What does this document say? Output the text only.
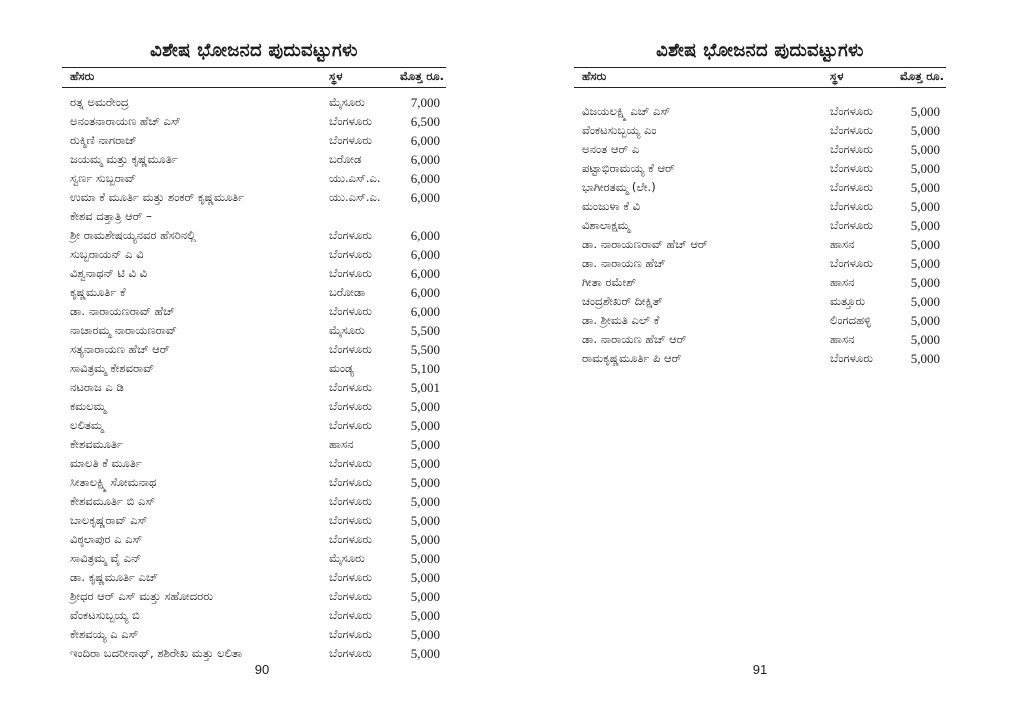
ವಿಶೇಷ ಭೋಜನದ ಪುದುವಟ್ಟುಗಳು
ಹೆಸರು	ಸ್ಥಳ	ಮೊತ್ತ ರೂ.
ರತ್ನ ಅಮರೇಂದ್ರ	ಮೈಸೂರು	7,000
ಅನಂತನಾರಾಯಣ ಹೆಚ್ ಎಸ್	ಬೆಂಗಳೂರು	6,500
ರುಕ್ಮಿಣಿ ನಾಗರಾಜ್	ಬೆಂಗಳೂರು	6,000
ಜಯಮ್ಮ ಮತ್ತು ಕೃಷ್ಣಮೂರ್ತಿ	ಬರೋಡ	6,000
ಸ್ವರ್ಣ ಸುಬ್ಬರಾವ್	ಯು.ಎಸ್.ಎ. 6,000
ಉಮಾ ಕೆ ಮೂರ್ತಿ ಮತ್ತು ಶಂಕರ್ ಕೃಷ್ಣಮೂರ್ತಿ	ಯು.ಎಸ್.ಎ. 6,000
ಕೇಶವ ದತ್ತಾತ್ರಿ ಆರ್ –
ಶ್ರೀ ರಾಮಶೇಷಯ್ಯನವರ ಹೆಸರಿನಲ್ಲಿ	ಬೆಂಗಳೂರು	6,000
ಸುಬ್ಬರಾಯನ್ ಎ ವಿ	ಬೆಂಗಳೂರು	6,000
ವಿಶ್ವನಾಥನ್ ಟಿ ವಿ ವಿ	ಬೆಂಗಳೂರು	6,000
ಕೃಷ್ಣಮೂರ್ತಿ ಕೆ	ಬರೋಡಾ	6,000
ಡಾ. ನಾರಾಯಣರಾವ್ ಹೆಚ್	ಬೆಂಗಳೂರು	6,000
ನಾಚಾರಮ್ಮ ನಾರಾಯಣರಾವ್	ಮೈಸೂರು	5,500
ಸತ್ಯನಾರಾಯಣ ಹೆಚ್ ಆರ್	ಬೆಂಗಳೂರು	5,500
ಸಾವಿತ್ರಮ್ಮ ಕೇಶವರಾವ್	ಮಂಡ್ಯ	5,100
ನಟರಾಜ ಎ ಡಿ	ಬೆಂಗಳೂರು	5,001
ಕಮಲಮ್ಮ	ಬೆಂಗಳೂರು	5,000
ಲಲಿತಮ್ಮ	ಬೆಂಗಳೂರು	5,000
ಕೇಶವಮೂರ್ತಿ	ಹಾಸನ	5,000
ಮಾಲತಿ ಕೆ ಮೂರ್ತಿ	ಬೆಂಗಳೂರು	5,000
ಸೀತಾಲಕ್ಷ್ಮಿ ಸೋಮನಾಥ	ಬೆಂಗಳೂರು	5,000
ಕೇಶವಮೂರ್ತಿ ಬಿ ಎಸ್	ಬೆಂಗಳೂರು	5,000
ಬಾಲಕೃಷ್ಣರಾವ್ ಎಸ್	ಬೆಂಗಳೂರು	5,000
ವಿಠ್ಠಲಾಪುರ ಎ ಎಸ್	ಬೆಂಗಳೂರು	5,000
ಸಾವಿತ್ರಮ್ಮ ವೈ ಎನ್	ಮೈಸೂರು	5,000
ಡಾ. ಕೃಷ್ಣಮೂರ್ತಿ ಎಚ್	ಬೆಂಗಳೂರು	5,000
ಶ್ರೀಧರ ಆರ್ ಎಸ್ ಮತ್ತು ಸಹೋದರರು	ಬೆಂಗಳೂರು	5,000
ವೆಂಕಟಸುಬ್ಬಯ್ಯ ಬಿ	ಬೆಂಗಳೂರು	5,000
ಕೇಶವಯ್ಯ ಎ ಎಸ್	ಬೆಂಗಳೂರು	5,000
ಇಂದಿರಾ ಬದರೀನಾಥ್, ಶಶಿರೇಖ ಮತ್ತು ಲಲಿತಾ	ಬೆಂಗಳೂರು	5,000
90
ವಿಶೇಷ ಭೋಜನದ ಪುದುವಟ್ಟುಗಳು
ಹೆಸರು	ಸ್ಥಳ	ಮೊತ್ತ ರೂ.
ವಿಜಯಲಕ್ಷ್ಮಿ ಎಚ್ ಎಸ್	ಬೆಂಗಳೂರು	5,000
ವೆಂಕಟಸುಬ್ಬಯ್ಯ ಎಂ	ಬೆಂಗಳೂರು	5,000
ಅನಂತ ಆರ್ ಎ	ಬೆಂಗಳೂರು	5,000
ಪಟ್ಟಾಭಿರಾಮಯ್ಯ ಕೆ ಆರ್	ಬೆಂಗಳೂರು	5,000
ಭಾಗೀರತಮ್ಮ (ಲೇ.)	ಬೆಂಗಳೂರು	5,000
ಮಂಜುಳಾ ಕೆ ವಿ	ಬೆಂಗಳೂರು	5,000
ವಿಶಾಲಾಕ್ಷಮ್ಮ	ಬೆಂಗಳೂರು	5,000
ಡಾ. ನಾರಾಯಣರಾವ್ ಹೆಚ್ ಆರ್	ಹಾಸನ	5,000
ಡಾ. ನಾರಾಯಣ ಹೆಚ್	ಬೆಂಗಳೂರು	5,000
ಗೀತಾ ರಮೇಶ್	ಹಾಸನ	5,000
ಚಂದ್ರಶೇಖರ್ ದೀಕ್ಷಿತ್	ಮತ್ತೂರು	5,000
ಡಾ. ಶ್ರೀಮತಿ ಎಲ್ ಕೆ	ಲಿಂಗದಹಳ್ಳಿ	5,000
ಡಾ. ನಾರಾಯಣ ಹೆಚ್ ಆರ್	ಹಾಸನ	5,000
ರಾಮಕೃಷ್ಣಮೂರ್ತಿ ಪಿ ಆರ್	ಬೆಂಗಳೂರು	5,000
91
